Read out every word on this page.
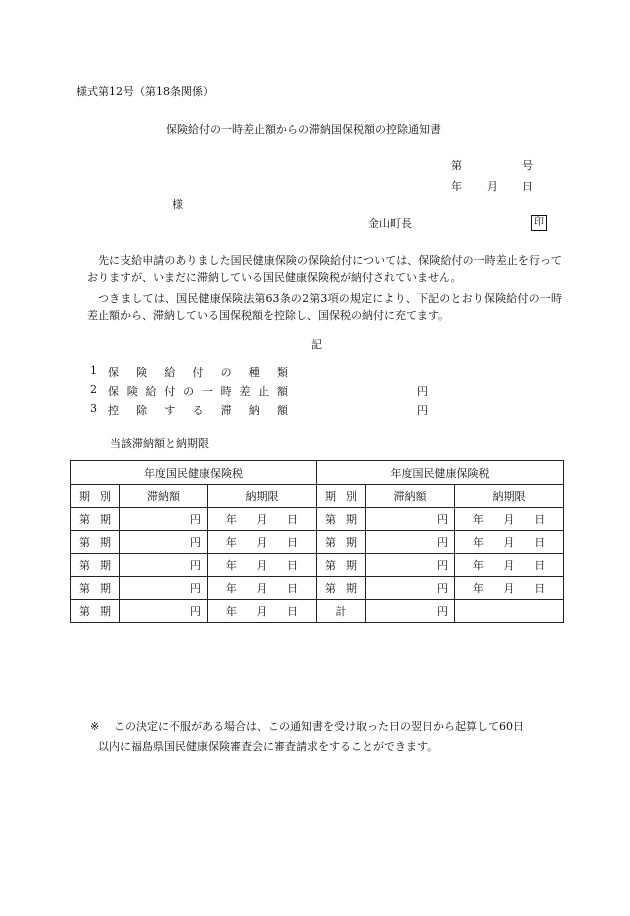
様式第12号（第18条関係）
保険給付の一時差止額からの滞納国保税額の控除通知書
第	号
年 月 日
様
金山町長	印
先に支給申請のありました国民健康保険の保険給付については、保険給付の一時差止を行っておりますが、いまだに滞納している国民健康保険税が納付されていません。
つきましては、国民健康保険法第63条の2第3項の規定により、下記のとおり保険給付の一時差止額から、滞納している国保税額を控除し、国保税の納付に充てます。
記
1 保 険 給 付 の 種 類
2 保 険 給 付 の 一 時 差 止 額	円
3 控 除 す る 滞 納 額	円
当該滞納額と納期限
年度国民健康保険税			年度国民健康保険税		

期 別	滞納額	納期限	期 別	滞納額	納期限

第 期	円	年 月 日	第 期	円	年 月 日

第 期	円	年 月 日	第 期	円	年 月 日

第 期	円	年 月 日	第 期	円	年 月 日

第 期	円	年 月 日	第 期	円	年 月 日

第 期	円	年 月 日	計	円	
※ この決定に不服がある場合は、この通知書を受け取った日の翌日から起算して60日
以内に福島県国民健康保険審査会に審査請求をすることができます。
